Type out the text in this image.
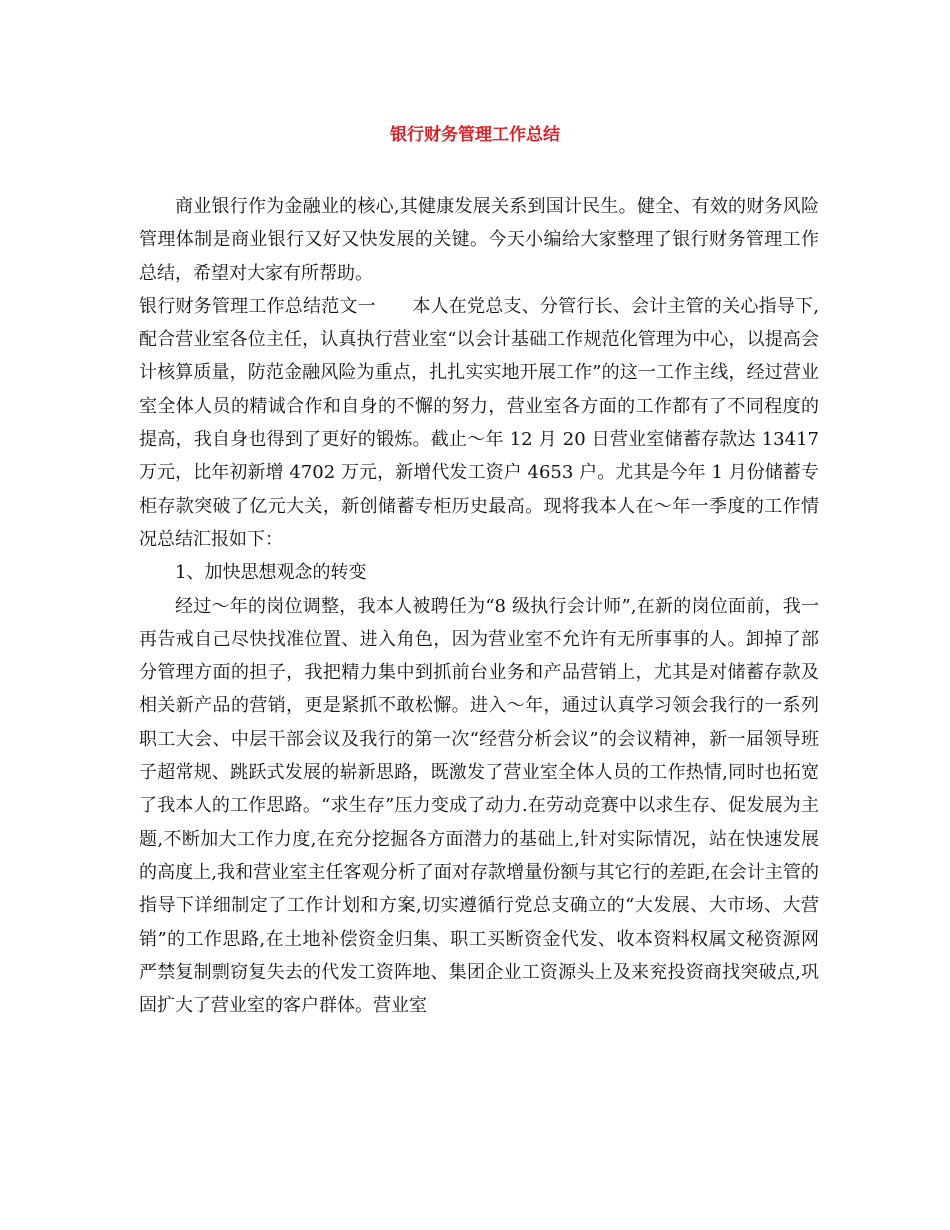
银行财务管理工作总结

商业银行作为金融业的核心,其健康发展关系到国计民生。健全、有效的财务风险管理体制是商业银行又好又快发展的关键。今天小编给大家整理了银行财务管理工作总结，希望对大家有所帮助。

银行财务管理工作总结范文一　　本人在党总支、分管行长、会计主管的关心指导下,配合营业室各位主任，认真执行营业室“以会计基础工作规范化管理为中心，以提高会计核算质量，防范金融风险为重点，扎扎实实地开展工作”的这一工作主线，经过营业室全体人员的精诚合作和自身的不懈的努力，营业室各方面的工作都有了不同程度的提高，我自身也得到了更好的锻炼。截止～年 12 月 20 日营业室储蓄存款达 13417 万元，比年初新增 4702 万元，新增代发工资户 4653 户。尤其是今年 1 月份储蓄专柜存款突破了亿元大关，新创储蓄专柜历史最高。现将我本人在～年一季度的工作情况总结汇报如下：

1、加快思想观念的转变

经过～年的岗位调整，我本人被聘任为“8 级执行会计师”,在新的岗位面前，我一再告戒自己尽快找准位置、进入角色，因为营业室不允许有无所事事的人。卸掉了部分管理方面的担子，我把精力集中到抓前台业务和产品营销上，尤其是对储蓄存款及相关新产品的营销，更是紧抓不敢松懈。进入～年，通过认真学习领会我行的一系列职工大会、中层干部会议及我行的第一次“经营分析会议”的会议精神，新一届领导班子超常规、跳跃式发展的崭新思路，既激发了营业室全体人员的工作热情,同时也拓宽了我本人的工作思路。“求生存”压力变成了动力.在劳动竞赛中以求生存、促发展为主题,不断加大工作力度,在充分挖掘各方面潜力的基础上,针对实际情况，站在快速发展的高度上,我和营业室主任客观分析了面对存款增量份额与其它行的差距,在会计主管的指导下详细制定了工作计划和方案,切实遵循行党总支确立的“大发展、大市场、大营销”的工作思路,在土地补偿资金归集、职工买断资金代发、收本资料权属文秘资源网严禁复制剽窃复失去的代发工资阵地、集团企业工资源头上及来兖投资商找突破点,巩固扩大了营业室的客户群体。营业室
